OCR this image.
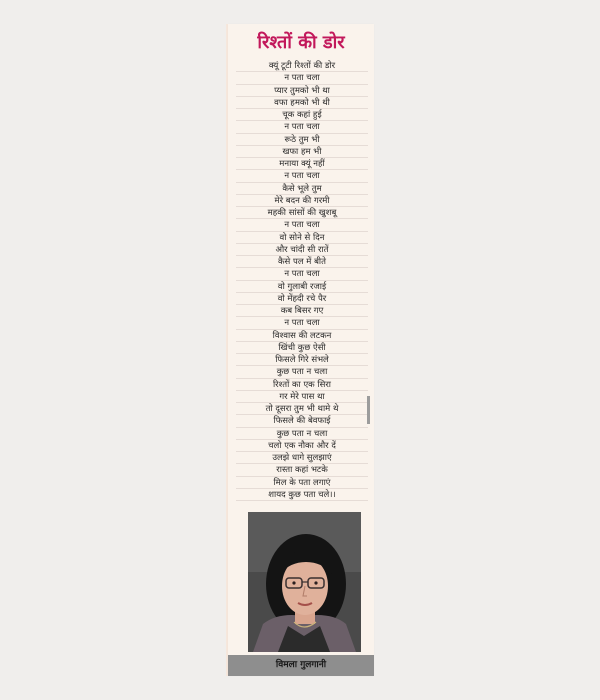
रिश्तों की डोर
क्यूं टूटी रिश्तों की डोर
न पता चला
प्यार तुमको भी था
वफा हमको भी थी
चूक कहां हुई
न पता चला
रूठे तुम भी
खफा हम भी
मनाया क्यूं नहीं
न पता चला
कैसे भूले तुम
मेरे बदन की गरमी
महकी सांसों की खुशबू
न पता चला
वो सोने से दिन
और चांदी सी रातें
कैसे पल में बीते
न पता चला
वो गुलाबी रजाई
वो मेंहदी रचे पैर
कब बिसर गए
न पता चला
विश्वास की लटकन
खिंची कुछ ऐसी
फिसले गिरे संभले
कुछ पता न चला
रिश्तों का एक सिरा
गर मेरे पास था
तो दूसरा तुम भी थामे थे
फिसले की बेवफाई
कुछ पता न चला
चलो एक नौका और दें
उलझे धागे सुलझाएं
रास्ता कहां भटके
मिल के पता लगाएं
शायद कुछ पता चले।।
विमला गुलगानी
